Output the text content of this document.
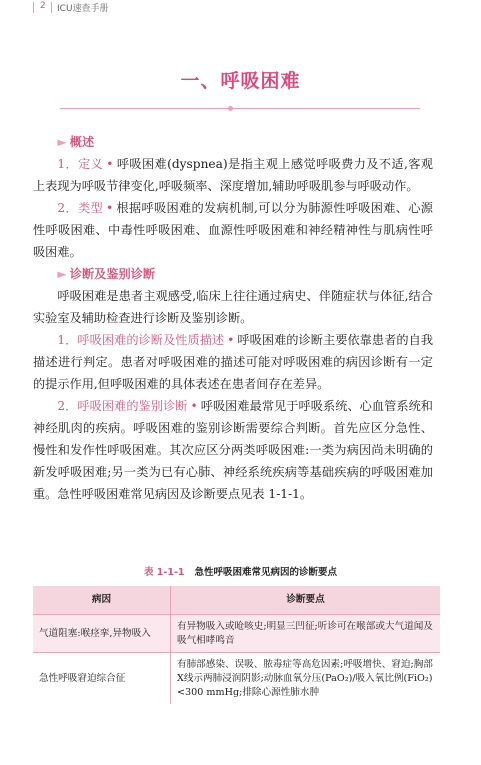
2 ICU速查手册
一、呼吸困难

► 概述

1．定义 • 呼吸困难(dyspnea)是指主观上感觉呼吸费力及不适,客观上表现为呼吸节律变化,呼吸频率、深度增加,辅助呼吸肌参与呼吸动作。

2．类型 • 根据呼吸困难的发病机制,可以分为肺源性呼吸困难、心源性呼吸困难、中毒性呼吸困难、血源性呼吸困难和神经精神性与肌病性呼吸困难。

► 诊断及鉴别诊断

呼吸困难是患者主观感受,临床上往往通过病史、伴随症状与体征,结合实验室及辅助检查进行诊断及鉴别诊断。

1．呼吸困难的诊断及性质描述 • 呼吸困难的诊断主要依靠患者的自我描述进行判定。患者对呼吸困难的描述可能对呼吸困难的病因诊断有一定的提示作用,但呼吸困难的具体表述在患者间存在差异。

2．呼吸困难的鉴别诊断 • 呼吸困难最常见于呼吸系统、心血管系统和神经肌肉的疾病。呼吸困难的鉴别诊断需要综合判断。首先应区分急性、慢性和发作性呼吸困难。其次应区分两类呼吸困难:一类为病因尚未明确的新发呼吸困难;另一类为已有心肺、神经系统疾病等基础疾病的呼吸困难加重。急性呼吸困难常见病因及诊断要点见表 1-1-1。

表 1-1-1 急性呼吸困难常见病因的诊断要点
病因	诊断要点
气道阻塞:喉痉挛,异物吸入	有异物吸入或呛咳史;明显三凹征;听诊可在喉部或大气道闻及吸气相哮鸣音
急性呼吸窘迫综合征	有肺部感染、误吸、脓毒症等高危因素;呼吸增快、窘迫;胸部X线示两肺浸润阴影;动脉血氧分压(PaO₂)/吸入氧比例(FiO₂)<300 mmHg;排除心源性肺水肿
